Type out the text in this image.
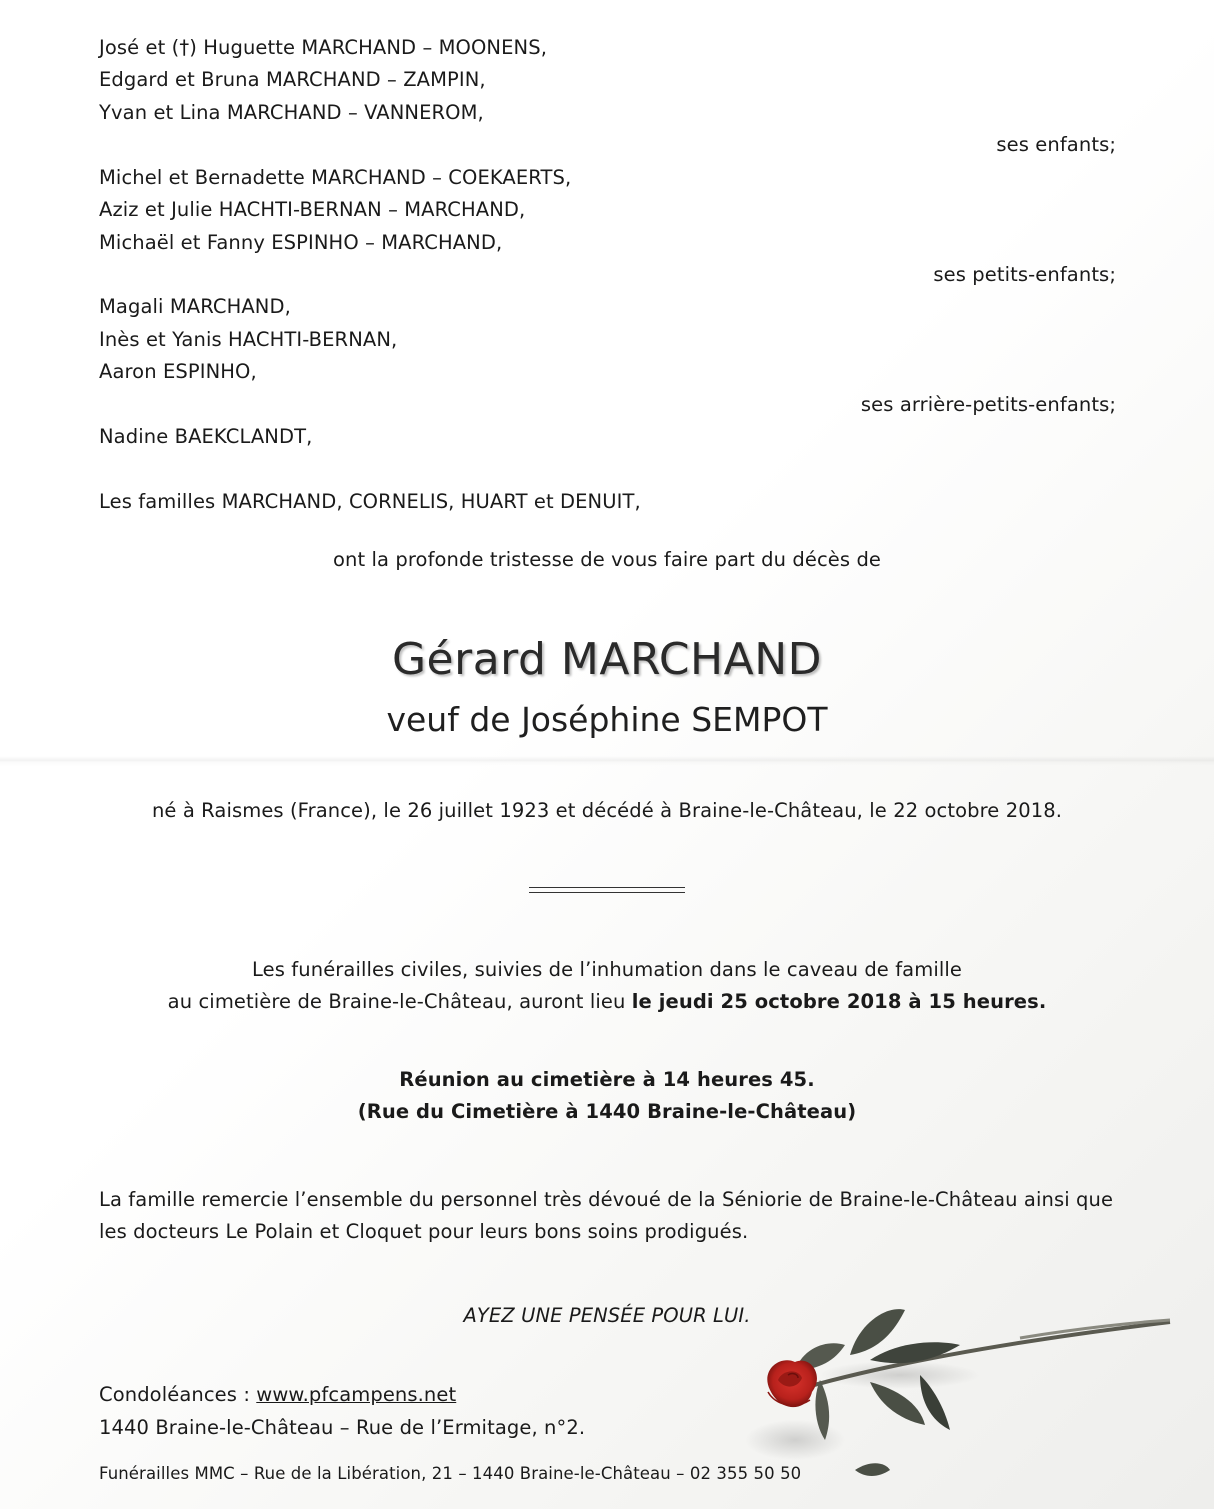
José et (†) Huguette MARCHAND – MOONENS,
Edgard et Bruna MARCHAND – ZAMPIN,
Yvan et Lina MARCHAND – VANNEROM,
ses enfants;
Michel et Bernadette MARCHAND – COEKAERTS,
Aziz et Julie HACHTI-BERNAN – MARCHAND,
Michaël et Fanny ESPINHO – MARCHAND,
ses petits-enfants;
Magali MARCHAND,
Inès et Yanis HACHTI-BERNAN,
Aaron ESPINHO,
ses arrière-petits-enfants;
Nadine BAEKCLANDT,
Les familles MARCHAND, CORNELIS, HUART et DENUIT,
ont la profonde tristesse de vous faire part du décès de
Gérard MARCHAND
veuf de Joséphine SEMPOT
né à Raismes (France), le 26 juillet 1923 et décédé à Braine-le-Château, le 22 octobre 2018.
Les funérailles civiles, suivies de l’inhumation dans le caveau de famille
au cimetière de Braine-le-Château, auront lieu le jeudi 25 octobre 2018 à 15 heures.
Réunion au cimetière à 14 heures 45.
(Rue du Cimetière à 1440 Braine-le-Château)
La famille remercie l’ensemble du personnel très dévoué de la Séniorie de Braine-le-Château ainsi que
les docteurs Le Polain et Cloquet pour leurs bons soins prodigués.
AYEZ UNE PENSÉE POUR LUI.
Condoléances : www.pfcampens.net
1440 Braine-le-Château – Rue de l’Ermitage, n°2.
Funérailles MMC – Rue de la Libération, 21 – 1440 Braine-le-Château – 02 355 50 50
